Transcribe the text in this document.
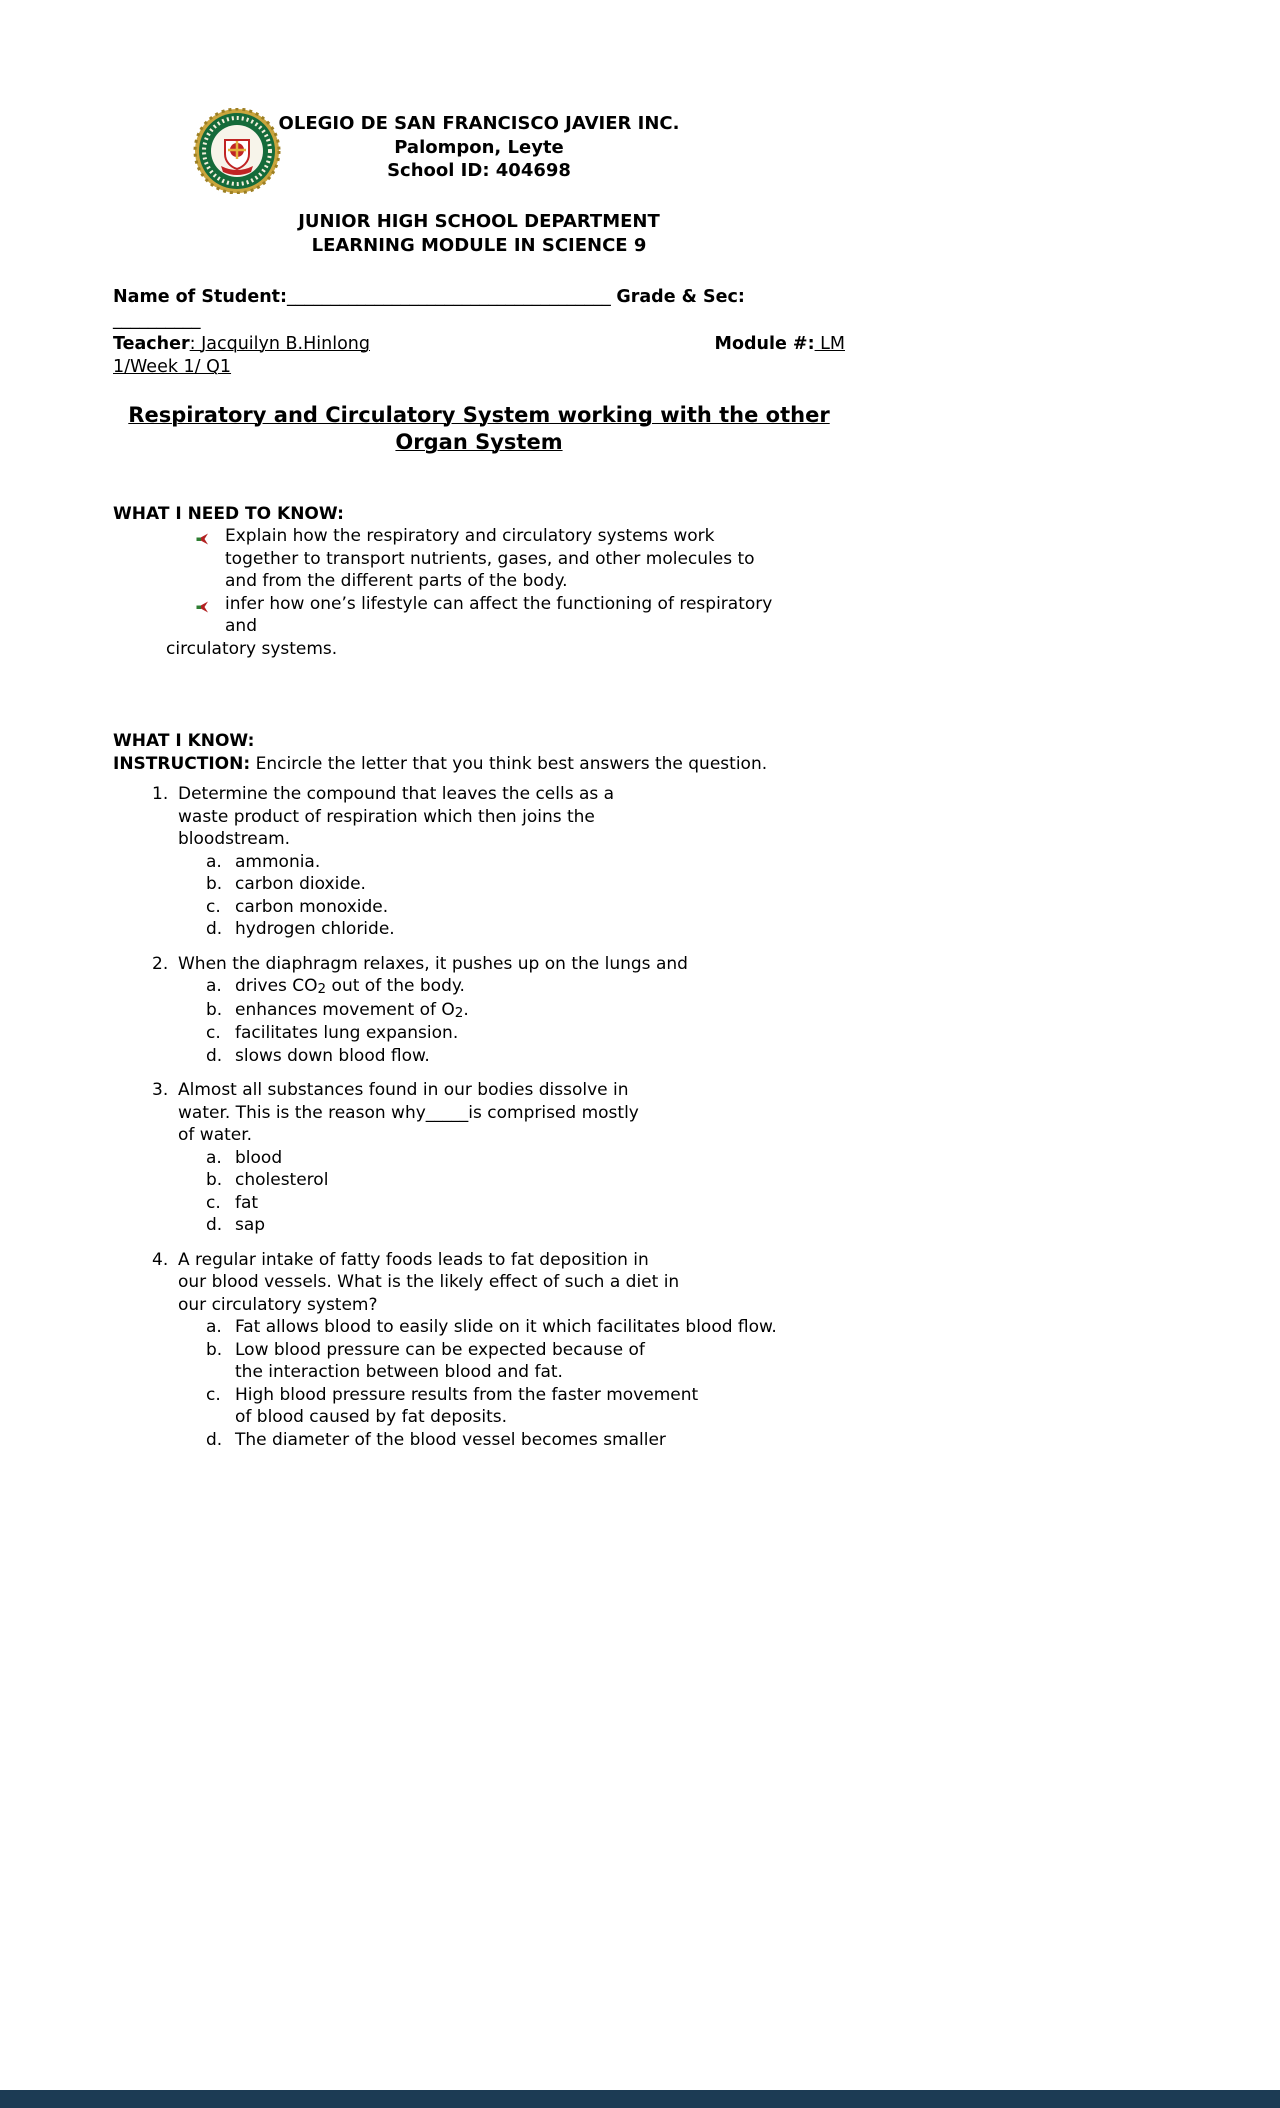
OLEGIO DE SAN FRANCISCO JAVIER INC.
Palompon, Leyte
School ID: 404698
JUNIOR HIGH SCHOOL DEPARTMENT
LEARNING MODULE IN SCIENCE 9
Name of Student:_____________________________________ Grade & Sec:
__________
Teacher: Jacquilyn B.Hinlong	Module #: LM
1/Week 1/ Q1
Respiratory and Circulatory System working with the other
Organ System
WHAT I NEED TO KNOW:
Explain how the respiratory and circulatory systems work
together to transport nutrients, gases, and other molecules to
and from the different parts of the body.
infer how one’s lifestyle can affect the functioning of respiratory
and
circulatory systems.
WHAT I KNOW:
INSTRUCTION: Encircle the letter that you think best answers the question.
1. Determine the compound that leaves the cells as a
waste product of respiration which then joins the
bloodstream.
a. ammonia.
b. carbon dioxide.
c. carbon monoxide.
d. hydrogen chloride.
2. When the diaphragm relaxes, it pushes up on the lungs and
a. drives CO2 out of the body.
b. enhances movement of O2.
c. facilitates lung expansion.
d. slows down blood flow.
3. Almost all substances found in our bodies dissolve in
water. This is the reason why_____is comprised mostly
of water.
a. blood
b. cholesterol
c. fat
d. sap
4. A regular intake of fatty foods leads to fat deposition in
our blood vessels. What is the likely effect of such a diet in
our circulatory system?
a. Fat allows blood to easily slide on it which facilitates blood flow.
b. Low blood pressure can be expected because of
the interaction between blood and fat.
c. High blood pressure results from the faster movement
of blood caused by fat deposits.
d. The diameter of the blood vessel becomes smaller
